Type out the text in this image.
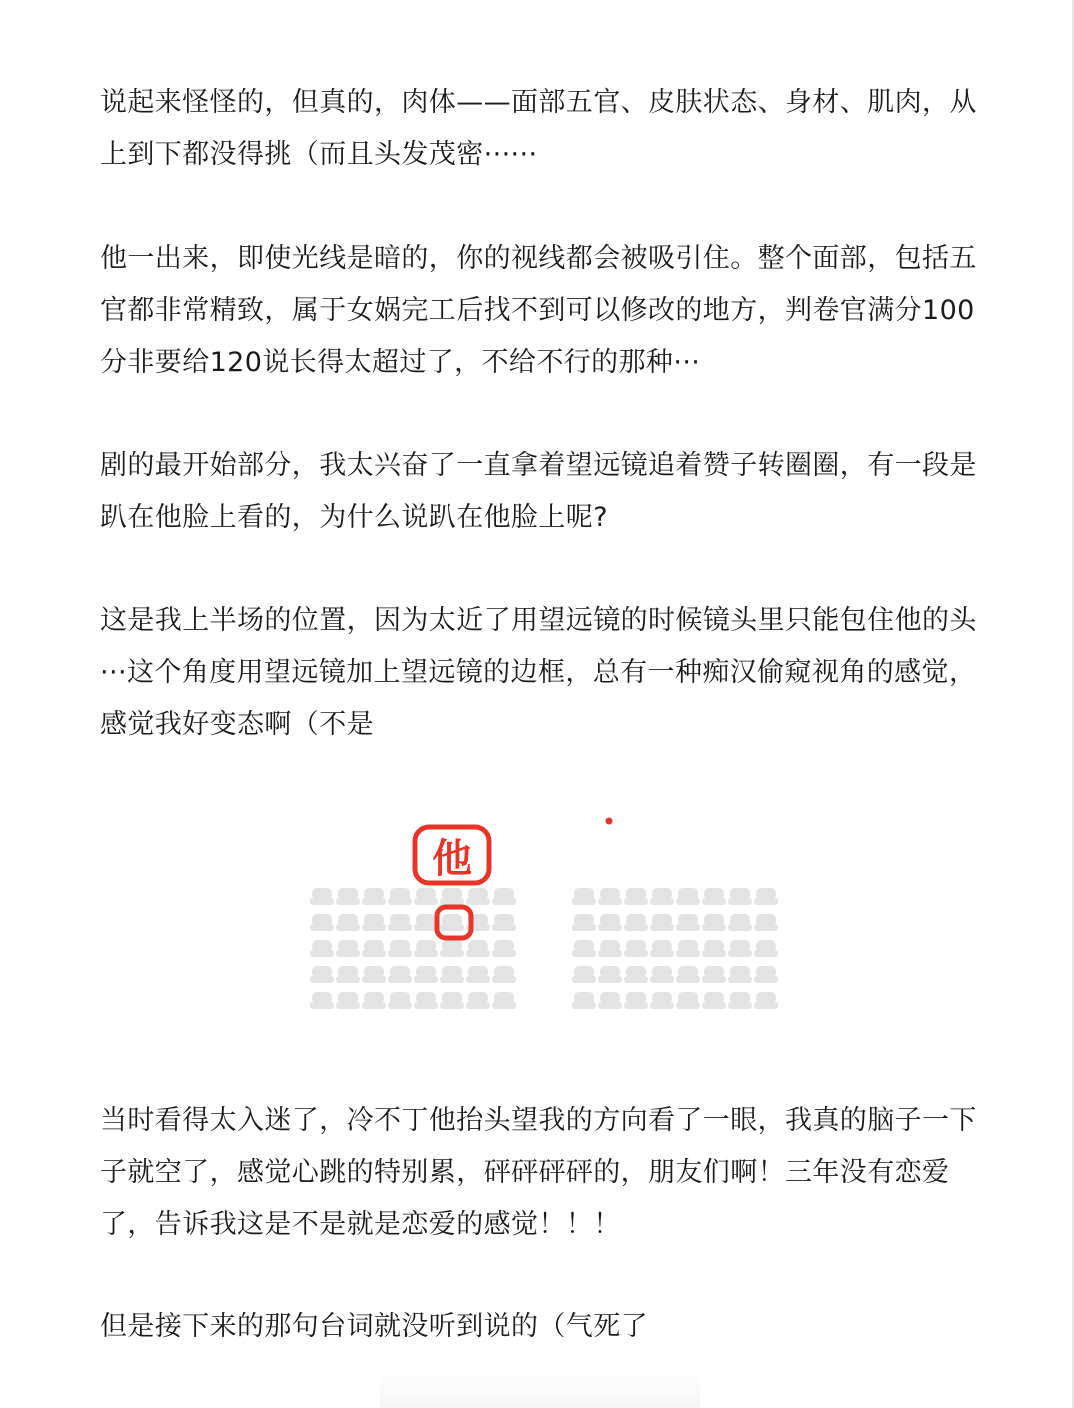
说起来怪怪的，但真的，肉体——面部五官、皮肤状态、身材、肌肉，从上到下都没得挑（而且头发茂密······

他一出来，即使光线是暗的，你的视线都会被吸引住。整个面部，包括五官都非常精致，属于女娲完工后找不到可以修改的地方，判卷官满分100分非要给120说长得太超过了，不给不行的那种···

剧的最开始部分，我太兴奋了一直拿着望远镜追着赞子转圈圈，有一段是趴在他脸上看的，为什么说趴在他脸上呢?

这是我上半场的位置，因为太近了用望远镜的时候镜头里只能包住他的头···这个角度用望远镜加上望远镜的边框，总有一种痴汉偷窥视角的感觉，感觉我好变态啊（不是

他

当时看得太入迷了，冷不丁他抬头望我的方向看了一眼，我真的脑子一下子就空了，感觉心跳的特别累，砰砰砰砰的，朋友们啊！三年没有恋爱了，告诉我这是不是就是恋爱的感觉！！！

但是接下来的那句台词就没听到说的（气死了
